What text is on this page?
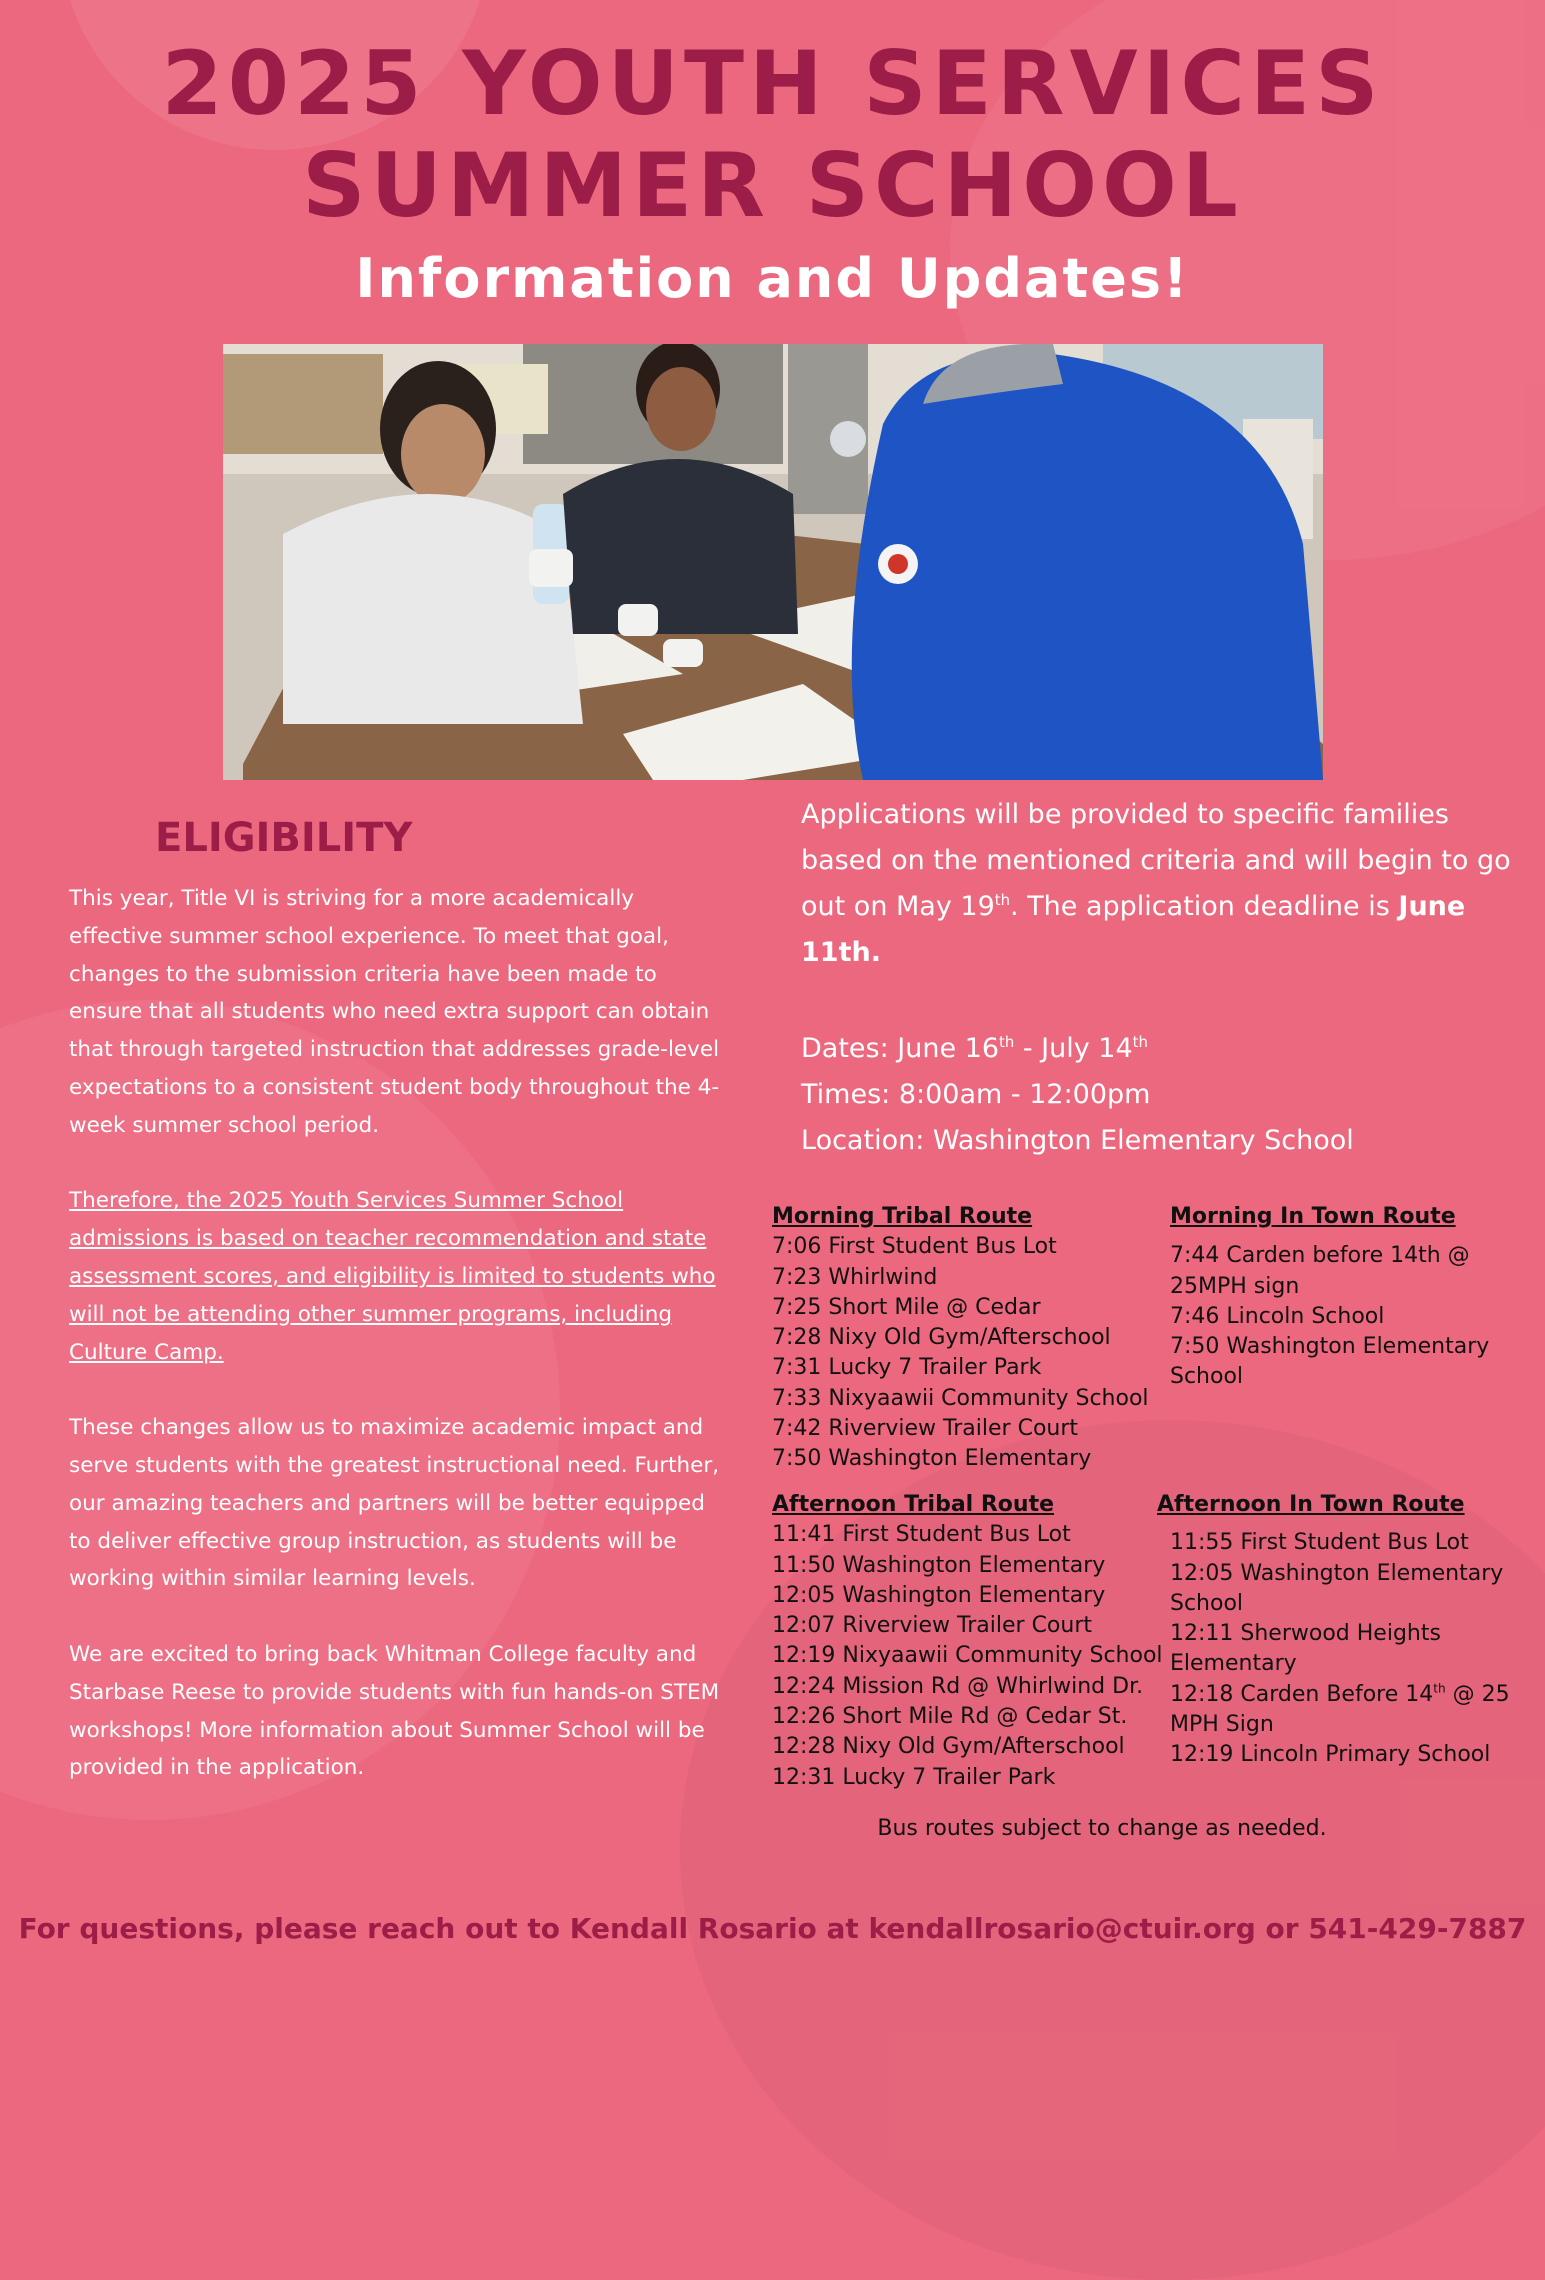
2025 YOUTH SERVICES
SUMMER SCHOOL
Information and Updates!
ELIGIBILITY

This year, Title VI is striving for a more academically effective summer school experience. To meet that goal, changes to the submission criteria have been made to ensure that all students who need extra support can obtain that through targeted instruction that addresses grade-level expectations to a consistent student body throughout the 4-week summer school period.

Therefore, the 2025 Youth Services Summer School admissions is based on teacher recommendation and state assessment scores, and eligibility is limited to students who will not be attending other summer programs, including Culture Camp.

These changes allow us to maximize academic impact and serve students with the greatest instructional need. Further, our amazing teachers and partners will be better equipped to deliver effective group instruction, as students will be working within similar learning levels.

We are excited to bring back Whitman College faculty and Starbase Reese to provide students with fun hands-on STEM workshops! More information about Summer School will be provided in the application.

Applications will be provided to specific families based on the mentioned criteria and will begin to go out on May 19th. The application deadline is June 11th.

Dates: June 16th - July 14th
Times: 8:00am - 12:00pm
Location: Washington Elementary School
Morning Tribal Route
7:06 First Student Bus Lot
7:23 Whirlwind
7:25 Short Mile @ Cedar
7:28 Nixy Old Gym/Afterschool
7:31 Lucky 7 Trailer Park
7:33 Nixyaawii Community School
7:42 Riverview Trailer Court
7:50 Washington Elementary
Morning In Town Route
7:44 Carden before 14th @ 25MPH sign
7:46 Lincoln School
7:50 Washington Elementary School
Afternoon Tribal Route
11:41 First Student Bus Lot
11:50 Washington Elementary
12:05 Washington Elementary
12:07 Riverview Trailer Court
12:19 Nixyaawii Community School
12:24 Mission Rd @ Whirlwind Dr.
12:26 Short Mile Rd @ Cedar St.
12:28 Nixy Old Gym/Afterschool
12:31 Lucky 7 Trailer Park
Afternoon In Town Route
11:55 First Student Bus Lot
12:05 Washington Elementary School
12:11 Sherwood Heights Elementary
12:18 Carden Before 14th @ 25 MPH Sign
12:19 Lincoln Primary School

Bus routes subject to change as needed.

For questions, please reach out to Kendall Rosario at kendallrosario@ctuir.org or 541-429-7887
